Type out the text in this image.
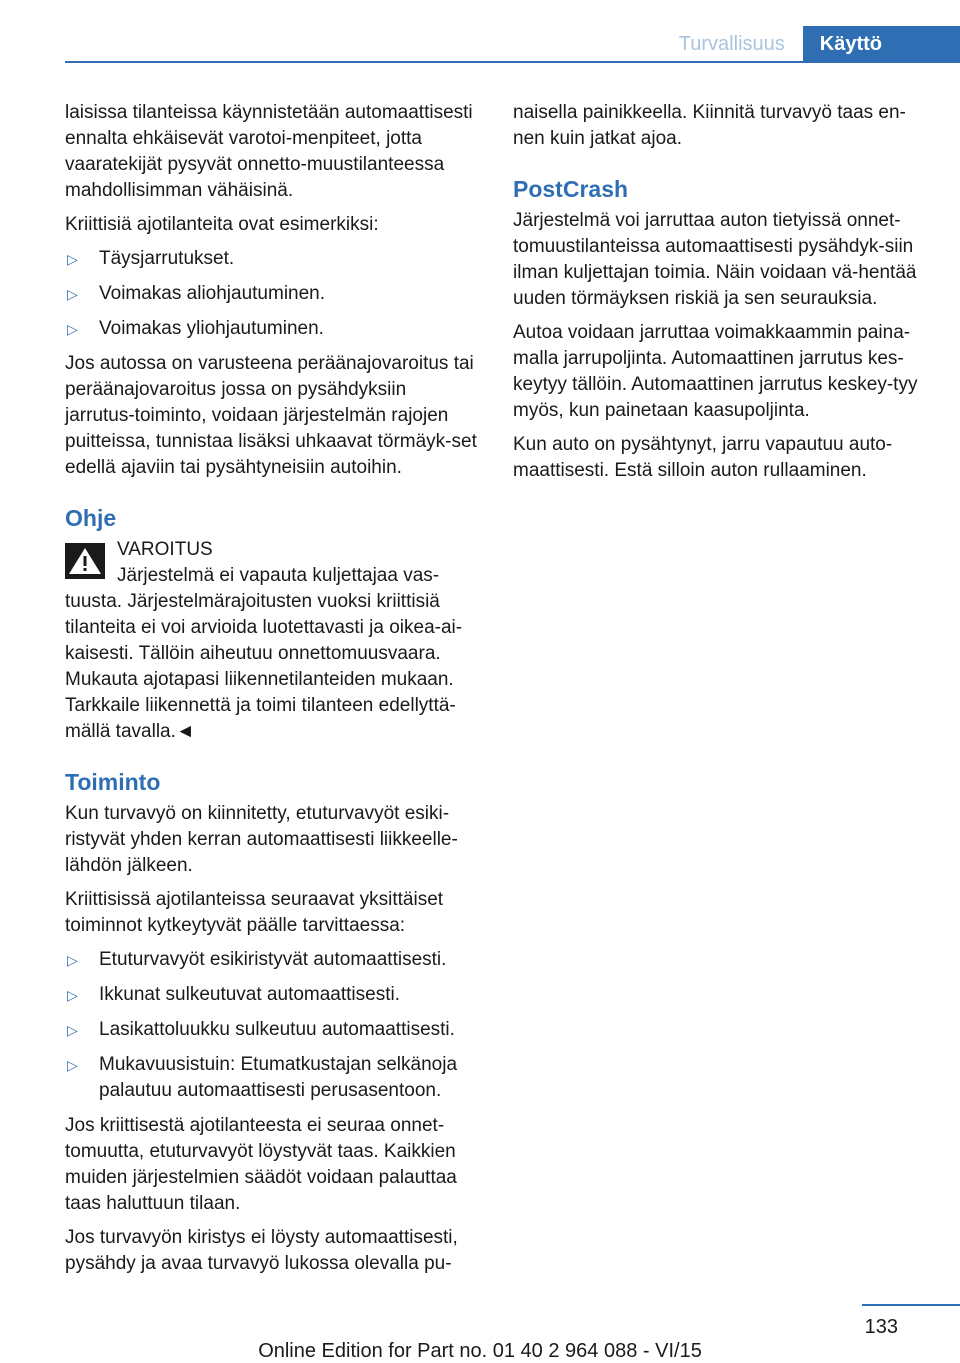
Turvallisuus	Käyttö

laisissa tilanteissa käynnistetään automaattisesti ennalta ehkäisevät varotoi-menpiteet, jotta vaaratekijät pysyvät onnetto-muustilanteessa mahdollisimman vähäisinä.

Kriittisiä ajotilanteita ovat esimerkiksi:

▷ Täysjarrutukset.
▷ Voimakas aliohjautuminen.
▷ Voimakas yliohjautuminen.

Jos autossa on varusteena peräänajovaroitus tai peräänajovaroitus jossa on pysähdyksiin jarrutus-toiminto, voidaan järjestelmän rajojen puitteissa, tunnistaa lisäksi uhkaavat törmäyk-set edellä ajaviin tai pysähtyneisiin autoihin.

Ohje
VAROITUS
Järjestelmä ei vapauta kuljettajaa vas-tuusta. Järjestelmärajoitusten vuoksi kriittisiä tilanteita ei voi arvioida luotettavasti ja oikea-ai-kaisesti. Tällöin aiheutuu onnettomuusvaara. Mukauta ajotapasi liikennetilanteiden mukaan. Tarkkaile liikennettä ja toimi tilanteen edellyttä-mällä tavalla.◄
Toiminto

Kun turvavyö on kiinnitetty, etuturvavyöt esiki-ristyvät yhden kerran automaattisesti liikkeelle-lähdön jälkeen.

Kriittisissä ajotilanteissa seuraavat yksittäiset toiminnot kytkeytyvät päälle tarvittaessa:

▷ Etuturvavyöt esikiristyvät automaattisesti.
▷ Ikkunat sulkeutuvat automaattisesti.
▷ Lasikattoluukku sulkeutuu automaattisesti.
▷ Mukavuusistuin: Etumatkustajan selkänoja palautuu automaattisesti perusasentoon.

Jos kriittisestä ajotilanteesta ei seuraa onnet-tomuutta, etuturvavyöt löystyvät taas. Kaikkien muiden järjestelmien säädöt voidaan palauttaa taas haluttuun tilaan.

Jos turvavyön kiristys ei löysty automaattisesti, pysähdy ja avaa turvavyö lukossa olevalla pu-

naisella painikkeella. Kiinnitä turvavyö taas en-nen kuin jatkat ajoa.

PostCrash

Järjestelmä voi jarruttaa auton tietyissä onnet-tomuustilanteissa automaattisesti pysähdyk-siin ilman kuljettajan toimia. Näin voidaan vä-hentää uuden törmäyksen riskiä ja sen seurauksia.

Autoa voidaan jarruttaa voimakkaammin paina-malla jarrupoljinta. Automaattinen jarrutus kes-keytyy tällöin. Automaattinen jarrutus keskey-tyy myös, kun painetaan kaasupoljinta.

Kun auto on pysähtynyt, jarru vapautuu auto-maattisesti. Estä silloin auton rullaaminen.

133
Online Edition for Part no. 01 40 2 964 088 - VI/15
